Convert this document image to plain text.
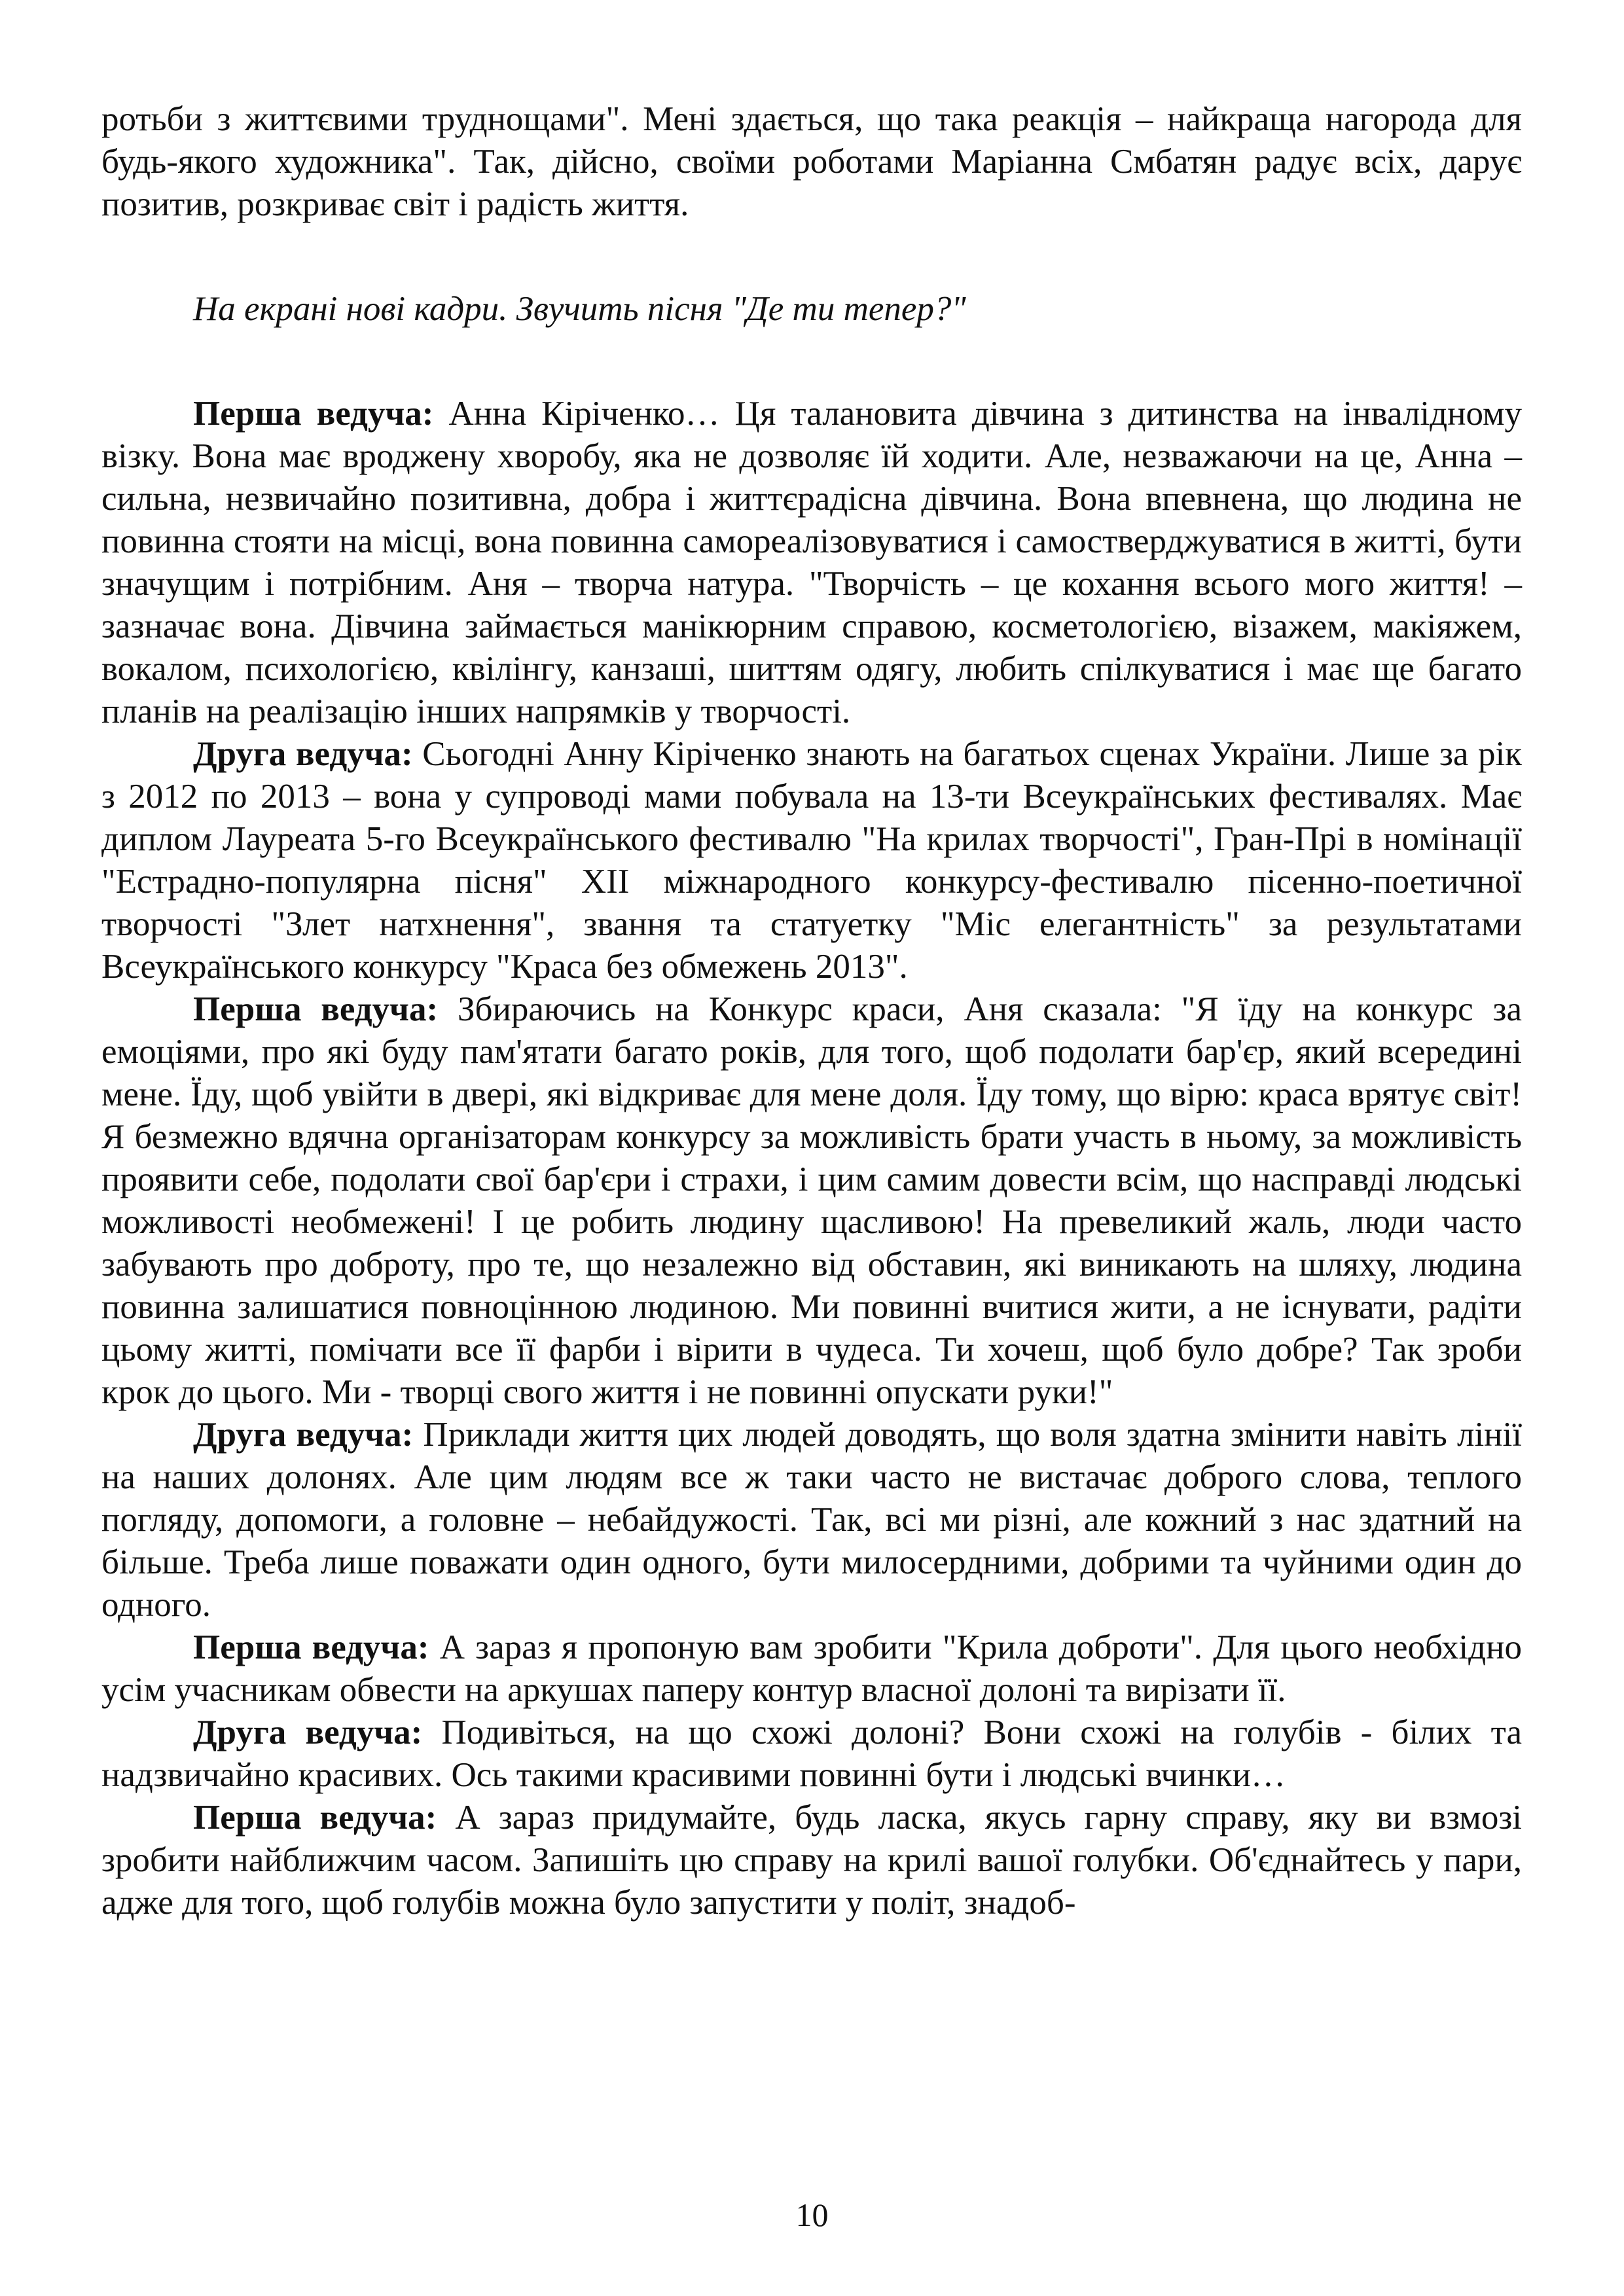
ротьби з життєвими труднощами". Мені здається, що така реакція – найкраща нагорода для будь-якого художника". Так, дійсно, своїми роботами Маріанна Смбатян радує всіх, дарує позитив, розкриває світ і радість життя.

На екрані нові кадри. Звучить пісня "Де ти тепер?"

Перша ведуча: Анна Кіріченко… Ця талановита дівчина з дитинства на інвалідному візку. Вона має вроджену хворобу, яка не дозволяє їй ходити. Але, незважаючи на це, Анна – сильна, незвичайно позитивна, добра і життєрадісна дівчина. Вона впевнена, що людина не повинна стояти на місці, вона повинна самореалізовуватися і самостверджуватися в житті, бути значущим і потрібним. Аня – творча натура. "Творчість – це кохання всього мого життя! – зазначає вона. Дівчина займається манікюрним справою, косметологією, візажем, макіяжем, вокалом, психологією, квілінгу, канзаші, шиттям одягу, любить спілкуватися і має ще багато планів на реалізацію інших напрямків у творчості.

Друга ведуча: Сьогодні Анну Кіріченко знають на багатьох сценах України. Лише за рік з 2012 по 2013 – вона у супроводі мами побувала на 13-ти Всеукраїнських фестивалях. Має диплом Лауреата 5-го Всеукраїнського фестивалю "На крилах творчості", Гран-Прі в номінації "Естрадно-популярна пісня" XII міжнародного конкурсу-фестивалю пісенно-поетичної творчості "Злет натхнення", звання та статуетку "Міс елегантність" за результатами Всеукраїнського конкурсу "Краса без обмежень 2013".

Перша ведуча: Збираючись на Конкурс краси, Аня сказала: "Я їду на конкурс за емоціями, про які буду пам'ятати багато років, для того, щоб подолати бар'єр, який всередині мене. Їду, щоб увійти в двері, які відкриває для мене доля. Їду тому, що вірю: краса врятує світ! Я безмежно вдячна організаторам конкурсу за можливість брати участь в ньому, за можливість проявити себе, подолати свої бар'єри і страхи, і цим самим довести всім, що насправді людські можливості необмежені! І це робить людину щасливою! На превеликий жаль, люди часто забувають про доброту, про те, що незалежно від обставин, які виникають на шляху, людина повинна залишатися повноцінною людиною. Ми повинні вчитися жити, а не існувати, радіти цьому житті, помічати все її фарби і вірити в чудеса. Ти хочеш, щоб було добре? Так зроби крок до цього. Ми - творці свого життя і не повинні опускати руки!"

Друга ведуча: Приклади життя цих людей доводять, що воля здатна змінити навіть лінії на наших долонях. Але цим людям все ж таки часто не вистачає доброго слова, теплого погляду, допомоги, а головне – небайдужості. Так, всі ми різні, але кожний з нас здатний на більше. Треба лише поважати один одного, бути милосердними, добрими та чуйними один до одного.

Перша ведуча: А зараз я пропоную вам зробити "Крила доброти". Для цього необхідно усім учасникам обвести на аркушах паперу контур власної долоні та вирізати її.

Друга ведуча: Подивіться, на що схожі долоні? Вони схожі на голубів - білих та надзвичайно красивих. Ось такими красивими повинні бути і людські вчинки…

Перша ведуча: А зараз придумайте, будь ласка, якусь гарну справу, яку ви взмозі зробити найближчим часом. Запишіть цю справу на крилі вашої голубки. Об'єднайтесь у пари, адже для того, щоб голубів можна було запустити у політ, знадоб-

10
